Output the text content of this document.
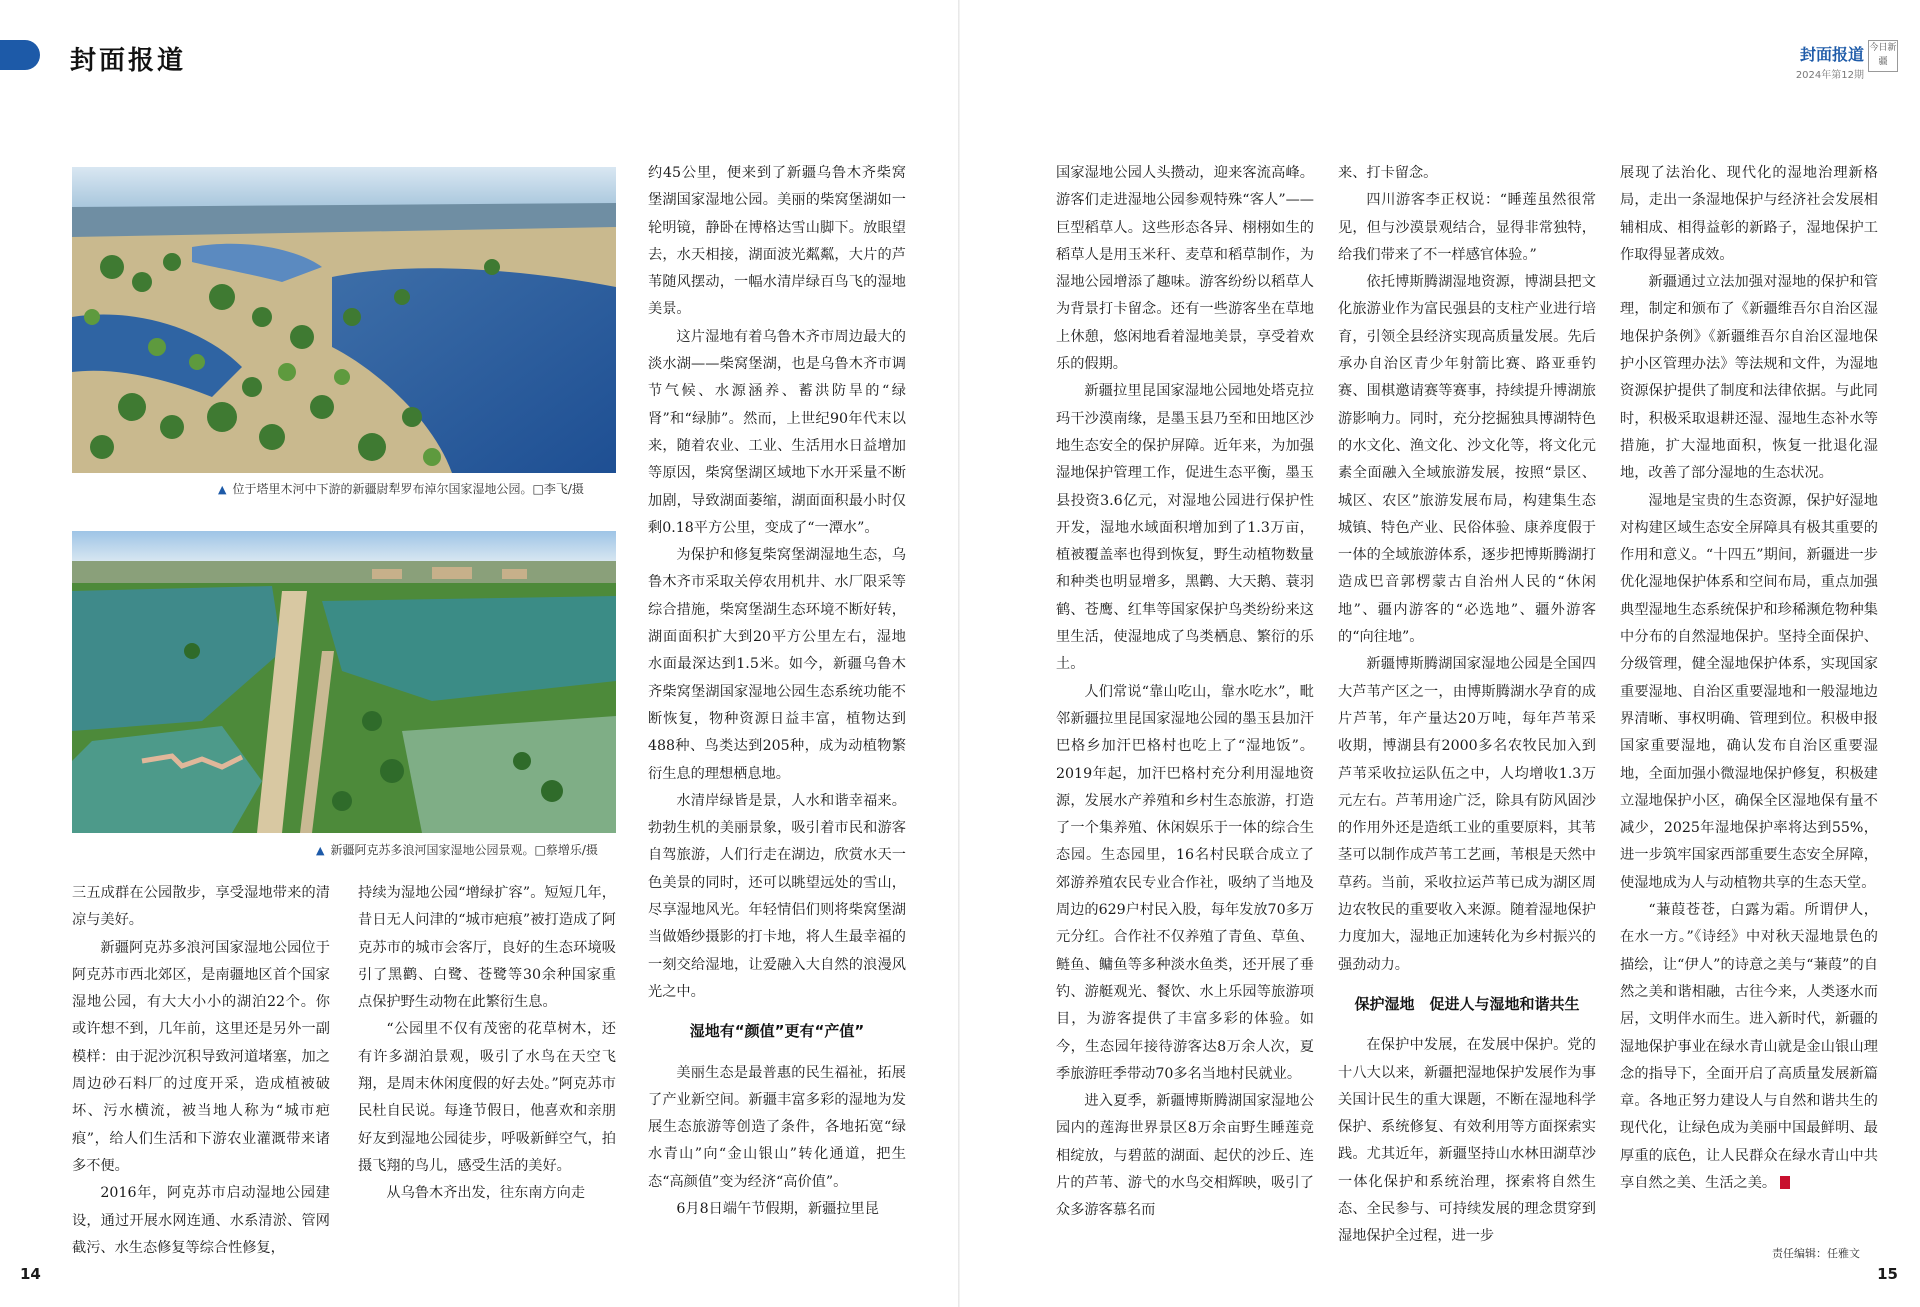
封面报道
▲ 位于塔里木河中下游的新疆尉犁罗布淖尔国家湿地公园。□李飞/摄
▲ 新疆阿克苏多浪河国家湿地公园景观。□蔡增乐/摄

三五成群在公园散步，享受湿地带来的清凉与美好。

新疆阿克苏多浪河国家湿地公园位于阿克苏市西北郊区，是南疆地区首个国家湿地公园，有大大小小的湖泊22个。你或许想不到，几年前，这里还是另外一副模样：由于泥沙沉积导致河道堵塞，加之周边砂石料厂的过度开采，造成植被破坏、污水横流，被当地人称为“城市疤痕”，给人们生活和下游农业灌溉带来诸多不便。

2016年，阿克苏市启动湿地公园建设，通过开展水网连通、水系清淤、管网截污、水生态修复等综合性修复，

持续为湿地公园“增绿扩容”。短短几年，昔日无人问津的“城市疤痕”被打造成了阿克苏市的城市会客厅，良好的生态环境吸引了黑鹳、白鹭、苍鹭等30余种国家重点保护野生动物在此繁衍生息。

“公园里不仅有茂密的花草树木，还有许多湖泊景观，吸引了水鸟在天空飞翔，是周末休闲度假的好去处。”阿克苏市民杜自民说。每逢节假日，他喜欢和亲朋好友到湿地公园徒步，呼吸新鲜空气，拍摄飞翔的鸟儿，感受生活的美好。

从乌鲁木齐出发，往东南方向走

约45公里，便来到了新疆乌鲁木齐柴窝堡湖国家湿地公园。美丽的柴窝堡湖如一轮明镜，静卧在博格达雪山脚下。放眼望去，水天相接，湖面波光粼粼，大片的芦苇随风摆动，一幅水清岸绿百鸟飞的湿地美景。

这片湿地有着乌鲁木齐市周边最大的淡水湖——柴窝堡湖，也是乌鲁木齐市调节气候、水源涵养、蓄洪防旱的“绿肾”和“绿肺”。然而，上世纪90年代末以来，随着农业、工业、生活用水日益增加等原因，柴窝堡湖区域地下水开采量不断加剧，导致湖面萎缩，湖面面积最小时仅剩0.18平方公里，变成了“一潭水”。

为保护和修复柴窝堡湖湿地生态，乌鲁木齐市采取关停农用机井、水厂限采等综合措施，柴窝堡湖生态环境不断好转，湖面面积扩大到20平方公里左右，湿地水面最深达到1.5米。如今，新疆乌鲁木齐柴窝堡湖国家湿地公园生态系统功能不断恢复，物种资源日益丰富，植物达到488种、鸟类达到205种，成为动植物繁衍生息的理想栖息地。

水清岸绿皆是景，人水和谐幸福来。勃勃生机的美丽景象，吸引着市民和游客自驾旅游，人们行走在湖边，欣赏水天一色美景的同时，还可以眺望远处的雪山，尽享湿地风光。年轻情侣们则将柴窝堡湖当做婚纱摄影的打卡地，将人生最幸福的一刻交给湿地，让爱融入大自然的浪漫风光之中。

湿地有“颜值”更有“产值”

美丽生态是最普惠的民生福祉，拓展了产业新空间。新疆丰富多彩的湿地为发展生态旅游等创造了条件，各地拓宽“绿水青山”向“金山银山”转化通道，把生态“高颜值”变为经济“高价值”。

6月8日端午节假期，新疆拉里昆

14
封面报道
2024年第12期
今日新疆

国家湿地公园人头攒动，迎来客流高峰。游客们走进湿地公园参观特殊“客人”——巨型稻草人。这些形态各异、栩栩如生的稻草人是用玉米秆、麦草和稻草制作，为湿地公园增添了趣味。游客纷纷以稻草人为背景打卡留念。还有一些游客坐在草地上休憩，悠闲地看着湿地美景，享受着欢乐的假期。

新疆拉里昆国家湿地公园地处塔克拉玛干沙漠南缘，是墨玉县乃至和田地区沙地生态安全的保护屏障。近年来，为加强湿地保护管理工作，促进生态平衡，墨玉县投资3.6亿元，对湿地公园进行保护性开发，湿地水域面积增加到了1.3万亩，植被覆盖率也得到恢复，野生动植物数量和种类也明显增多，黑鹳、大天鹅、蓑羽鹤、苍鹰、红隼等国家保护鸟类纷纷来这里生活，使湿地成了鸟类栖息、繁衍的乐土。

人们常说“靠山吃山，靠水吃水”，毗邻新疆拉里昆国家湿地公园的墨玉县加汗巴格乡加汗巴格村也吃上了“湿地饭”。2019年起，加汗巴格村充分利用湿地资源，发展水产养殖和乡村生态旅游，打造了一个集养殖、休闲娱乐于一体的综合生态园。生态园里，16名村民联合成立了郊游养殖农民专业合作社，吸纳了当地及周边的629户村民入股，每年发放70多万元分红。合作社不仅养殖了青鱼、草鱼、鲢鱼、鳙鱼等多种淡水鱼类，还开展了垂钓、游艇观光、餐饮、水上乐园等旅游项目，为游客提供了丰富多彩的体验。如今，生态园年接待游客达8万余人次，夏季旅游旺季带动70多名当地村民就业。

进入夏季，新疆博斯腾湖国家湿地公园内的莲海世界景区8万余亩野生睡莲竞相绽放，与碧蓝的湖面、起伏的沙丘、连片的芦苇、游弋的水鸟交相辉映，吸引了众多游客慕名而

来、打卡留念。

四川游客李正权说：“睡莲虽然很常见，但与沙漠景观结合，显得非常独特，给我们带来了不一样感官体验。”

依托博斯腾湖湿地资源，博湖县把文化旅游业作为富民强县的支柱产业进行培育，引领全县经济实现高质量发展。先后承办自治区青少年射箭比赛、路亚垂钓赛、围棋邀请赛等赛事，持续提升博湖旅游影响力。同时，充分挖掘独具博湖特色的水文化、渔文化、沙文化等，将文化元素全面融入全域旅游发展，按照“景区、城区、农区”旅游发展布局，构建集生态城镇、特色产业、民俗体验、康养度假于一体的全域旅游体系，逐步把博斯腾湖打造成巴音郭楞蒙古自治州人民的“休闲地”、疆内游客的“必选地”、疆外游客的“向往地”。

新疆博斯腾湖国家湿地公园是全国四大芦苇产区之一，由博斯腾湖水孕育的成片芦苇，年产量达20万吨，每年芦苇采收期，博湖县有2000多名农牧民加入到芦苇采收拉运队伍之中，人均增收1.3万元左右。芦苇用途广泛，除具有防风固沙的作用外还是造纸工业的重要原料，其苇茎可以制作成芦苇工艺画，苇根是天然中草药。当前，采收拉运芦苇已成为湖区周边农牧民的重要收入来源。随着湿地保护力度加大，湿地正加速转化为乡村振兴的强劲动力。

保护湿地　促进人与湿地和谐共生

在保护中发展，在发展中保护。党的十八大以来，新疆把湿地保护发展作为事关国计民生的重大课题，不断在湿地科学保护、系统修复、有效利用等方面探索实践。尤其近年，新疆坚持山水林田湖草沙一体化保护和系统治理，探索将自然生态、全民参与、可持续发展的理念贯穿到湿地保护全过程，进一步

展现了法治化、现代化的湿地治理新格局，走出一条湿地保护与经济社会发展相辅相成、相得益彰的新路子，湿地保护工作取得显著成效。

新疆通过立法加强对湿地的保护和管理，制定和颁布了《新疆维吾尔自治区湿地保护条例》《新疆维吾尔自治区湿地保护小区管理办法》等法规和文件，为湿地资源保护提供了制度和法律依据。与此同时，积极采取退耕还湿、湿地生态补水等措施，扩大湿地面积，恢复一批退化湿地，改善了部分湿地的生态状况。

湿地是宝贵的生态资源，保护好湿地对构建区域生态安全屏障具有极其重要的作用和意义。“十四五”期间，新疆进一步优化湿地保护体系和空间布局，重点加强典型湿地生态系统保护和珍稀濒危物种集中分布的自然湿地保护。坚持全面保护、分级管理，健全湿地保护体系，实现国家重要湿地、自治区重要湿地和一般湿地边界清晰、事权明确、管理到位。积极申报国家重要湿地，确认发布自治区重要湿地，全面加强小微湿地保护修复，积极建立湿地保护小区，确保全区湿地保有量不减少，2025年湿地保护率将达到55%，进一步筑牢国家西部重要生态安全屏障，使湿地成为人与动植物共享的生态天堂。

“蒹葭苍苍，白露为霜。所谓伊人，在水一方。”《诗经》中对秋天湿地景色的描绘，让“伊人”的诗意之美与“蒹葭”的自然之美和谐相融，古往今来，人类逐水而居，文明伴水而生。进入新时代，新疆的湿地保护事业在绿水青山就是金山银山理念的指导下，全面开启了高质量发展新篇章。各地正努力建设人与自然和谐共生的现代化，让绿色成为美丽中国最鲜明、最厚重的底色，让人民群众在绿水青山中共享自然之美、生活之美。

责任编辑：任雅文
15
